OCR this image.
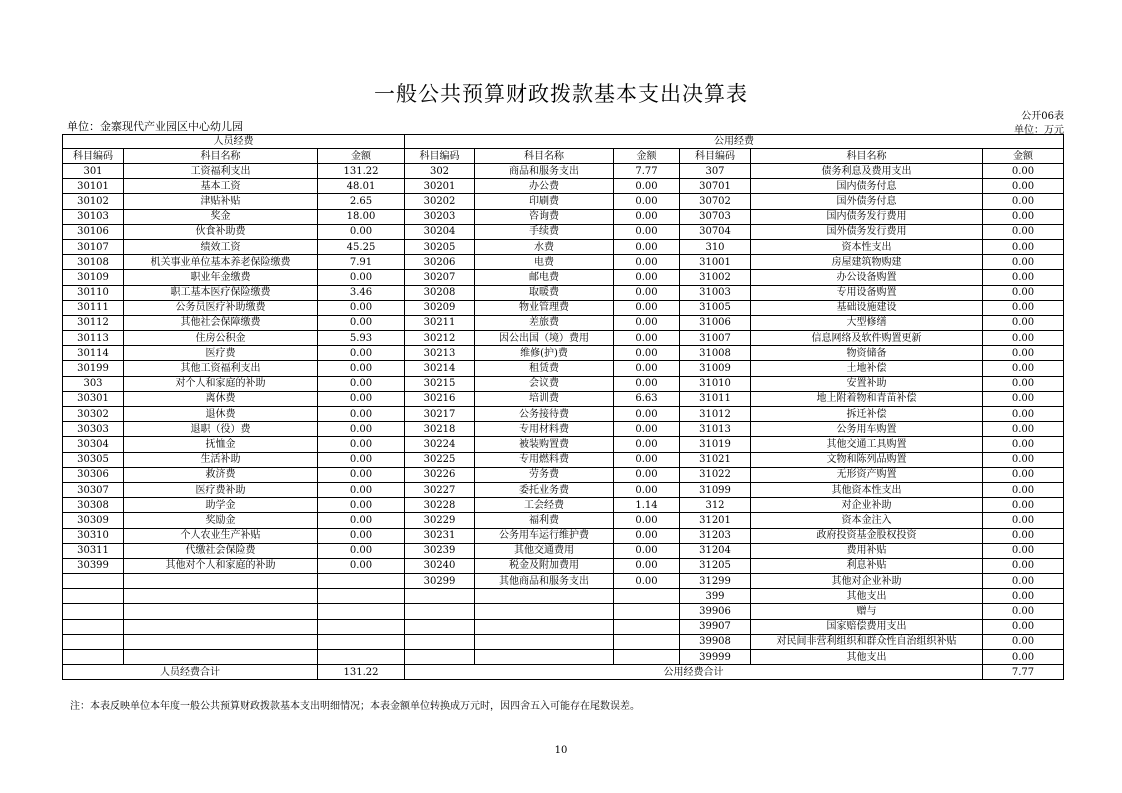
一般公共预算财政拨款基本支出决算表
公开06表
单位：金寨现代产业园区中心幼儿园	单位：万元
人员经费			公用经费					
科目编码	科目名称	金额	科目编码	科目名称	金额	科目编码	科目名称	金额
301	工资福利支出	131.22	302	商品和服务支出	7.77	307	债务利息及费用支出	0.00
30101	基本工资	48.01	30201	办公费	0.00	30701	国内债务付息	0.00
30102	津贴补贴	2.65	30202	印刷费	0.00	30702	国外债务付息	0.00
30103	奖金	18.00	30203	咨询费	0.00	30703	国内债务发行费用	0.00
30106	伙食补助费	0.00	30204	手续费	0.00	30704	国外债务发行费用	0.00
30107	绩效工资	45.25	30205	水费	0.00	310	资本性支出	0.00
30108	机关事业单位基本养老保险缴费	7.91	30206	电费	0.00	31001	房屋建筑物购建	0.00
30109	职业年金缴费	0.00	30207	邮电费	0.00	31002	办公设备购置	0.00
30110	职工基本医疗保险缴费	3.46	30208	取暖费	0.00	31003	专用设备购置	0.00
30111	公务员医疗补助缴费	0.00	30209	物业管理费	0.00	31005	基础设施建设	0.00
30112	其他社会保障缴费	0.00	30211	差旅费	0.00	31006	大型修缮	0.00
30113	住房公积金	5.93	30212	因公出国（境）费用	0.00	31007	信息网络及软件购置更新	0.00
30114	医疗费	0.00	30213	维修(护)费	0.00	31008	物资储备	0.00
30199	其他工资福利支出	0.00	30214	租赁费	0.00	31009	土地补偿	0.00
303	对个人和家庭的补助	0.00	30215	会议费	0.00	31010	安置补助	0.00
30301	离休费	0.00	30216	培训费	6.63	31011	地上附着物和青苗补偿	0.00
30302	退休费	0.00	30217	公务接待费	0.00	31012	拆迁补偿	0.00
30303	退职（役）费	0.00	30218	专用材料费	0.00	31013	公务用车购置	0.00
30304	抚恤金	0.00	30224	被装购置费	0.00	31019	其他交通工具购置	0.00
30305	生活补助	0.00	30225	专用燃料费	0.00	31021	文物和陈列品购置	0.00
30306	救济费	0.00	30226	劳务费	0.00	31022	无形资产购置	0.00
30307	医疗费补助	0.00	30227	委托业务费	0.00	31099	其他资本性支出	0.00
30308	助学金	0.00	30228	工会经费	1.14	312	对企业补助	0.00
30309	奖励金	0.00	30229	福利费	0.00	31201	资本金注入	0.00
30310	个人农业生产补贴	0.00	30231	公务用车运行维护费	0.00	31203	政府投资基金股权投资	0.00
30311	代缴社会保险费	0.00	30239	其他交通费用	0.00	31204	费用补贴	0.00
30399	其他对个人和家庭的补助	0.00	30240	税金及附加费用	0.00	31205	利息补贴	0.00
			30299	其他商品和服务支出	0.00	31299	其他对企业补助	0.00
						399	其他支出	0.00
						39906	赠与	0.00
						39907	国家赔偿费用支出	0.00
						39908	对民间非营利组织和群众性自治组织补贴	0.00
						39999	其他支出	0.00
人员经费合计		131.22	公用经费合计					7.77
注：本表反映单位本年度一般公共预算财政拨款基本支出明细情况；本表金额单位转换成万元时，因四舍五入可能存在尾数误差。
10
